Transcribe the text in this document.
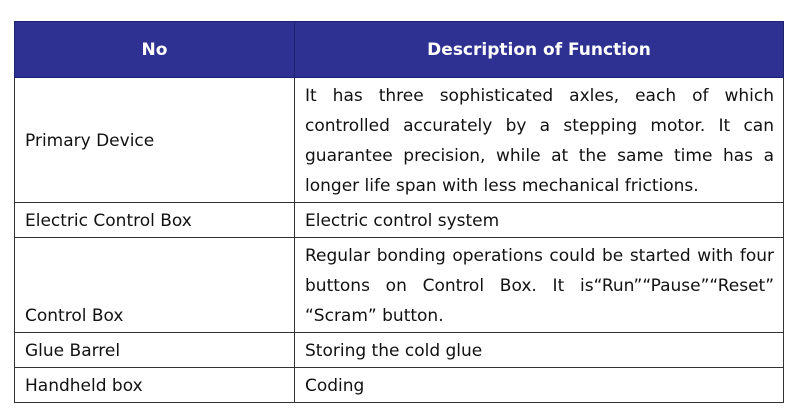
No	Description of Function
Primary Device	It has three sophisticated axles, each of which controlled accurately by a stepping motor. It can guarantee precision, while at the same time has a longer life span with less mechanical frictions.
Electric Control Box	Electric control system
Control Box	Regular bonding operations could be started with four buttons on Control Box. It is“Run”“Pause”“Reset” “Scram” button.
Glue Barrel	Storing the cold glue
Handheld box	Coding
